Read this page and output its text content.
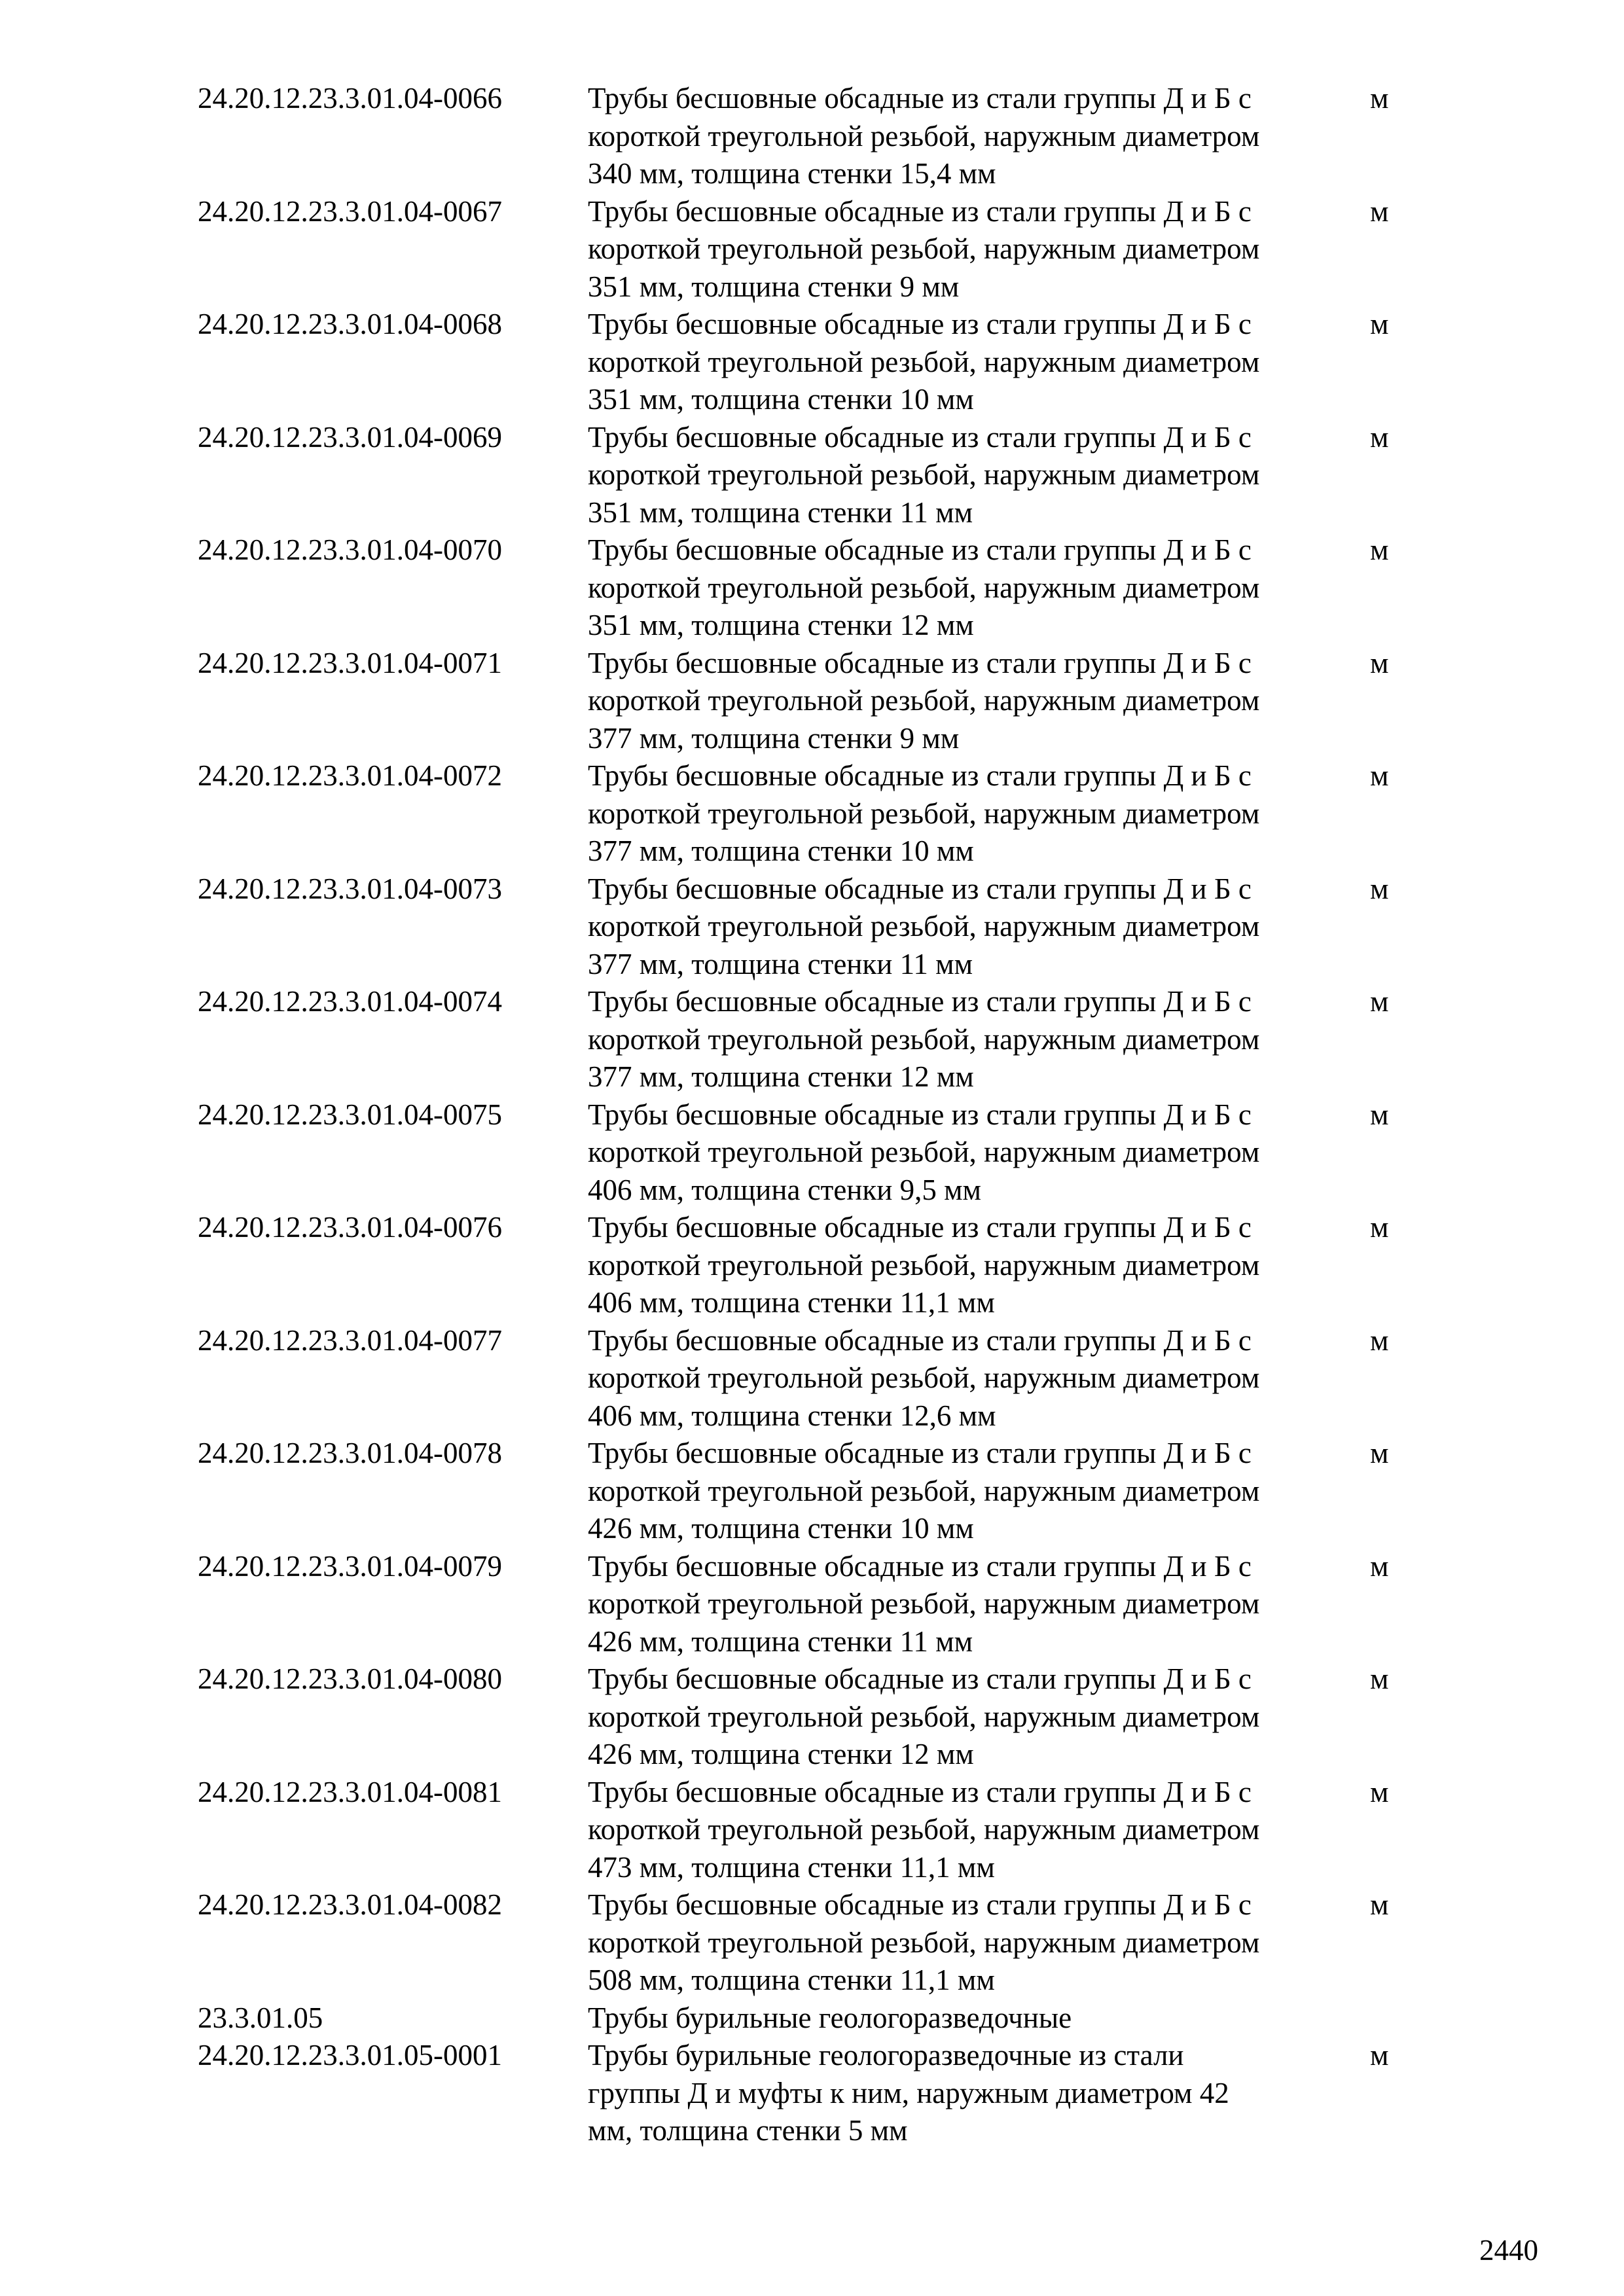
24.20.12.23.3.01.04-0066	Трубы бесшовные обсадные из стали группы Д и Б с
короткой треугольной резьбой, наружным диаметром
340 мм, толщина стенки 15,4 мм
м
24.20.12.23.3.01.04-0067	Трубы бесшовные обсадные из стали группы Д и Б с
короткой треугольной резьбой, наружным диаметром
351 мм, толщина стенки 9 мм
м
24.20.12.23.3.01.04-0068	Трубы бесшовные обсадные из стали группы Д и Б с
короткой треугольной резьбой, наружным диаметром
351 мм, толщина стенки 10 мм
м
24.20.12.23.3.01.04-0069	Трубы бесшовные обсадные из стали группы Д и Б с
короткой треугольной резьбой, наружным диаметром
351 мм, толщина стенки 11 мм
м
24.20.12.23.3.01.04-0070	Трубы бесшовные обсадные из стали группы Д и Б с
короткой треугольной резьбой, наружным диаметром
351 мм, толщина стенки 12 мм
м
24.20.12.23.3.01.04-0071	Трубы бесшовные обсадные из стали группы Д и Б с
короткой треугольной резьбой, наружным диаметром
377 мм, толщина стенки 9 мм
м
24.20.12.23.3.01.04-0072	Трубы бесшовные обсадные из стали группы Д и Б с
короткой треугольной резьбой, наружным диаметром
377 мм, толщина стенки 10 мм
м
24.20.12.23.3.01.04-0073	Трубы бесшовные обсадные из стали группы Д и Б с
короткой треугольной резьбой, наружным диаметром
377 мм, толщина стенки 11 мм
м
24.20.12.23.3.01.04-0074	Трубы бесшовные обсадные из стали группы Д и Б с
короткой треугольной резьбой, наружным диаметром
377 мм, толщина стенки 12 мм
м
24.20.12.23.3.01.04-0075	Трубы бесшовные обсадные из стали группы Д и Б с
короткой треугольной резьбой, наружным диаметром
406 мм, толщина стенки 9,5 мм
м
24.20.12.23.3.01.04-0076	Трубы бесшовные обсадные из стали группы Д и Б с
короткой треугольной резьбой, наружным диаметром
406 мм, толщина стенки 11,1 мм
м
24.20.12.23.3.01.04-0077	Трубы бесшовные обсадные из стали группы Д и Б с
короткой треугольной резьбой, наружным диаметром
406 мм, толщина стенки 12,6 мм
м
24.20.12.23.3.01.04-0078	Трубы бесшовные обсадные из стали группы Д и Б с
короткой треугольной резьбой, наружным диаметром
426 мм, толщина стенки 10 мм
м
24.20.12.23.3.01.04-0079	Трубы бесшовные обсадные из стали группы Д и Б с
короткой треугольной резьбой, наружным диаметром
426 мм, толщина стенки 11 мм
м
24.20.12.23.3.01.04-0080	Трубы бесшовные обсадные из стали группы Д и Б с
короткой треугольной резьбой, наружным диаметром
426 мм, толщина стенки 12 мм
м
24.20.12.23.3.01.04-0081	Трубы бесшовные обсадные из стали группы Д и Б с
короткой треугольной резьбой, наружным диаметром
473 мм, толщина стенки 11,1 мм
м
24.20.12.23.3.01.04-0082	Трубы бесшовные обсадные из стали группы Д и Б с
короткой треугольной резьбой, наружным диаметром
508 мм, толщина стенки 11,1 мм
м
23.3.01.05	Трубы бурильные геологоразведочные
24.20.12.23.3.01.05-0001	Трубы бурильные геологоразведочные из стали
группы Д и муфты к ним, наружным диаметром 42
мм, толщина стенки 5 мм
м
2440
